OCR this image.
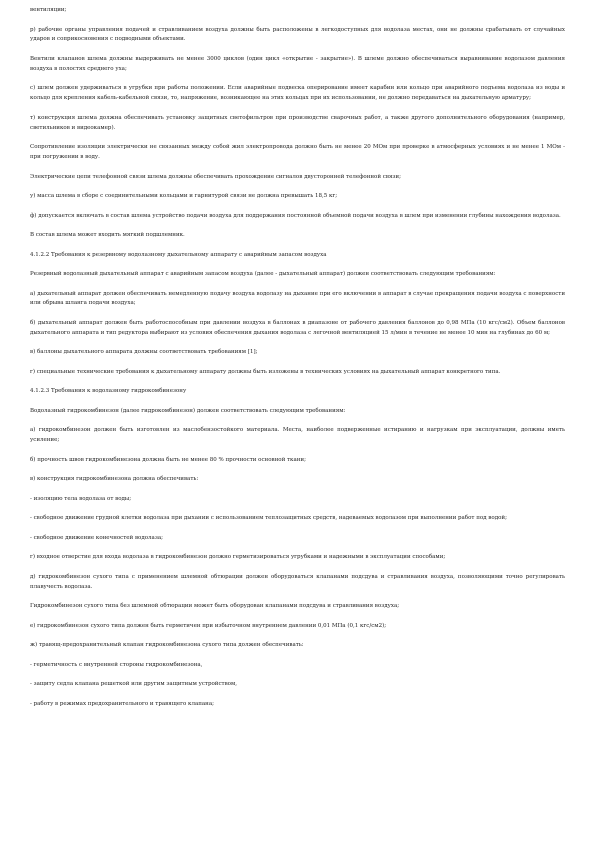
вентиляции;

р) рабочие органы управления подачей и стравливанием воздуха должны быть расположены в легкодоступных для водолаза местах, они не должны срабатывать от случайных ударов и соприкосновения с подводными объектами.

Вентили клапанов шлема должны выдерживать не менее 3000 циклов (один цикл «открытие - закрытие»). В шлеме должно обеспечиваться выравнивание водолазом давления воздуха в полостях среднего уха;

с) шлем должен удерживаться в угрубки при работы положении. Если аварийные подвеска оперирование имеет карабин или кольцо при аварийного подъема водолаза из воды и кольцо для крепления кабель-кабельной связи, то, напряжение, возникающее на этих кольцах при их использовании, не должно передаваться на дыхательную арматуру;

т) конструкция шлема должна обеспечивать установку защитных светофильтров при производстве сварочных работ, а также другого дополнительного оборудования (например, светильников и видеокамер).

Сопротивление изоляции электрически не связанных между собой жил электропровода должно быть не менее 20 МОм при проверке в атмосферных условиях и не менее 1 МОм - при погружении в воду.

Электрические цепи телефонной связи шлема должны обеспечивать прохождение сигналов двусторонней телефонной связи;

у) масса шлема в сборе с соединительными кольцами и гарнитурой связи не должна превышать 18,5 кг;

ф) допускается включать в состав шлема устройство подачи воздуха для поддержания постоянной объемной подачи воздуха в шлем при изменении глубины нахождения водолаза.

В состав шлема может входить мягкий подшлемник.

4.1.2.2 Требования к резервному водолазному дыхательному аппарату с аварийным запасом воздуха

Резервный водолазный дыхательный аппарат с аварийным запасом воздуха (далее - дыхательный аппарат) должен соответствовать следующим требованиям:

а) дыхательный аппарат должен обеспечивать немедленную подачу воздуха водолазу на дыхание при его включении в аппарат в случае прекращения подачи воздуха с поверхности или обрыва шланга подачи воздуха;

б) дыхательный аппарат должен быть работоспособным при давлении воздуха в баллонах в диапазоне от рабочего давления баллонов до 0,98 МПа (10 кгс/см2). Объем баллонов дыхательного аппарата и тип редуктора выбирают из условия обеспечения дыхания водолаза с легочной вентиляцией 15 л/мин в течение не менее 10 мин на глубинах до 60 м;

в) баллоны дыхательного аппарата должны соответствовать требованиям [1];

г) специальные технические требования к дыхательному аппарату должны быть изложены в технических условиях на дыхательный аппарат конкретного типа.

4.1.2.3 Требования к водолазному гидрокомбинезону

Водолазный гидрокомбинезон (далее гидрокомбинезон) должен соответствовать следующим требованиям:

а) гидрокомбинезон должен быть изготовлен из маслобензостойкого материала. Места, наиболее подверженные истиранию и нагрузкам при эксплуатации, должны иметь усиление;

б) прочность швов гидрокомбинезона должна быть не менее 80 % прочности основной ткани;

в) конструкция гидрокомбинезона должна обеспечивать:

- изоляцию тела водолаза от воды;

- свободное движение грудной клетки водолаза при дыхании с использованием теплозащитных средств, надеваемых водолазом при выполнении работ под водой;

- свободное движение конечностей водолаза;

г) входное отверстие для входа водолаза в гидрокомбинезон должно герметизироваться угрубками и надежными в эксплуатации способами;

д) гидрокомбинезон сухого типа с применением шлемной обтюрации должен оборудоваться клапанами подсдува и стравливания воздуха, позволяющими точно регулировать плавучесть водолаза.

Гидрокомбинезон сухого типа без шлемной обтюрации может быть оборудован клапанами подсдува и стравливания воздуха;

е) гидрокомбинезон сухого типа должен быть герметичен при избыточном внутреннем давлении 0,01 МПа (0,1 кгс/см2);

ж) травящ-предохранительный клапан гидрокомбинезона сухого типа должен обеспечивать:

- герметичность с внутренней стороны гидрокомбинезона,

- защиту седла клапана решеткой или другим защитным устройством,

- работу в режимах предохранительного и травящего клапана;
